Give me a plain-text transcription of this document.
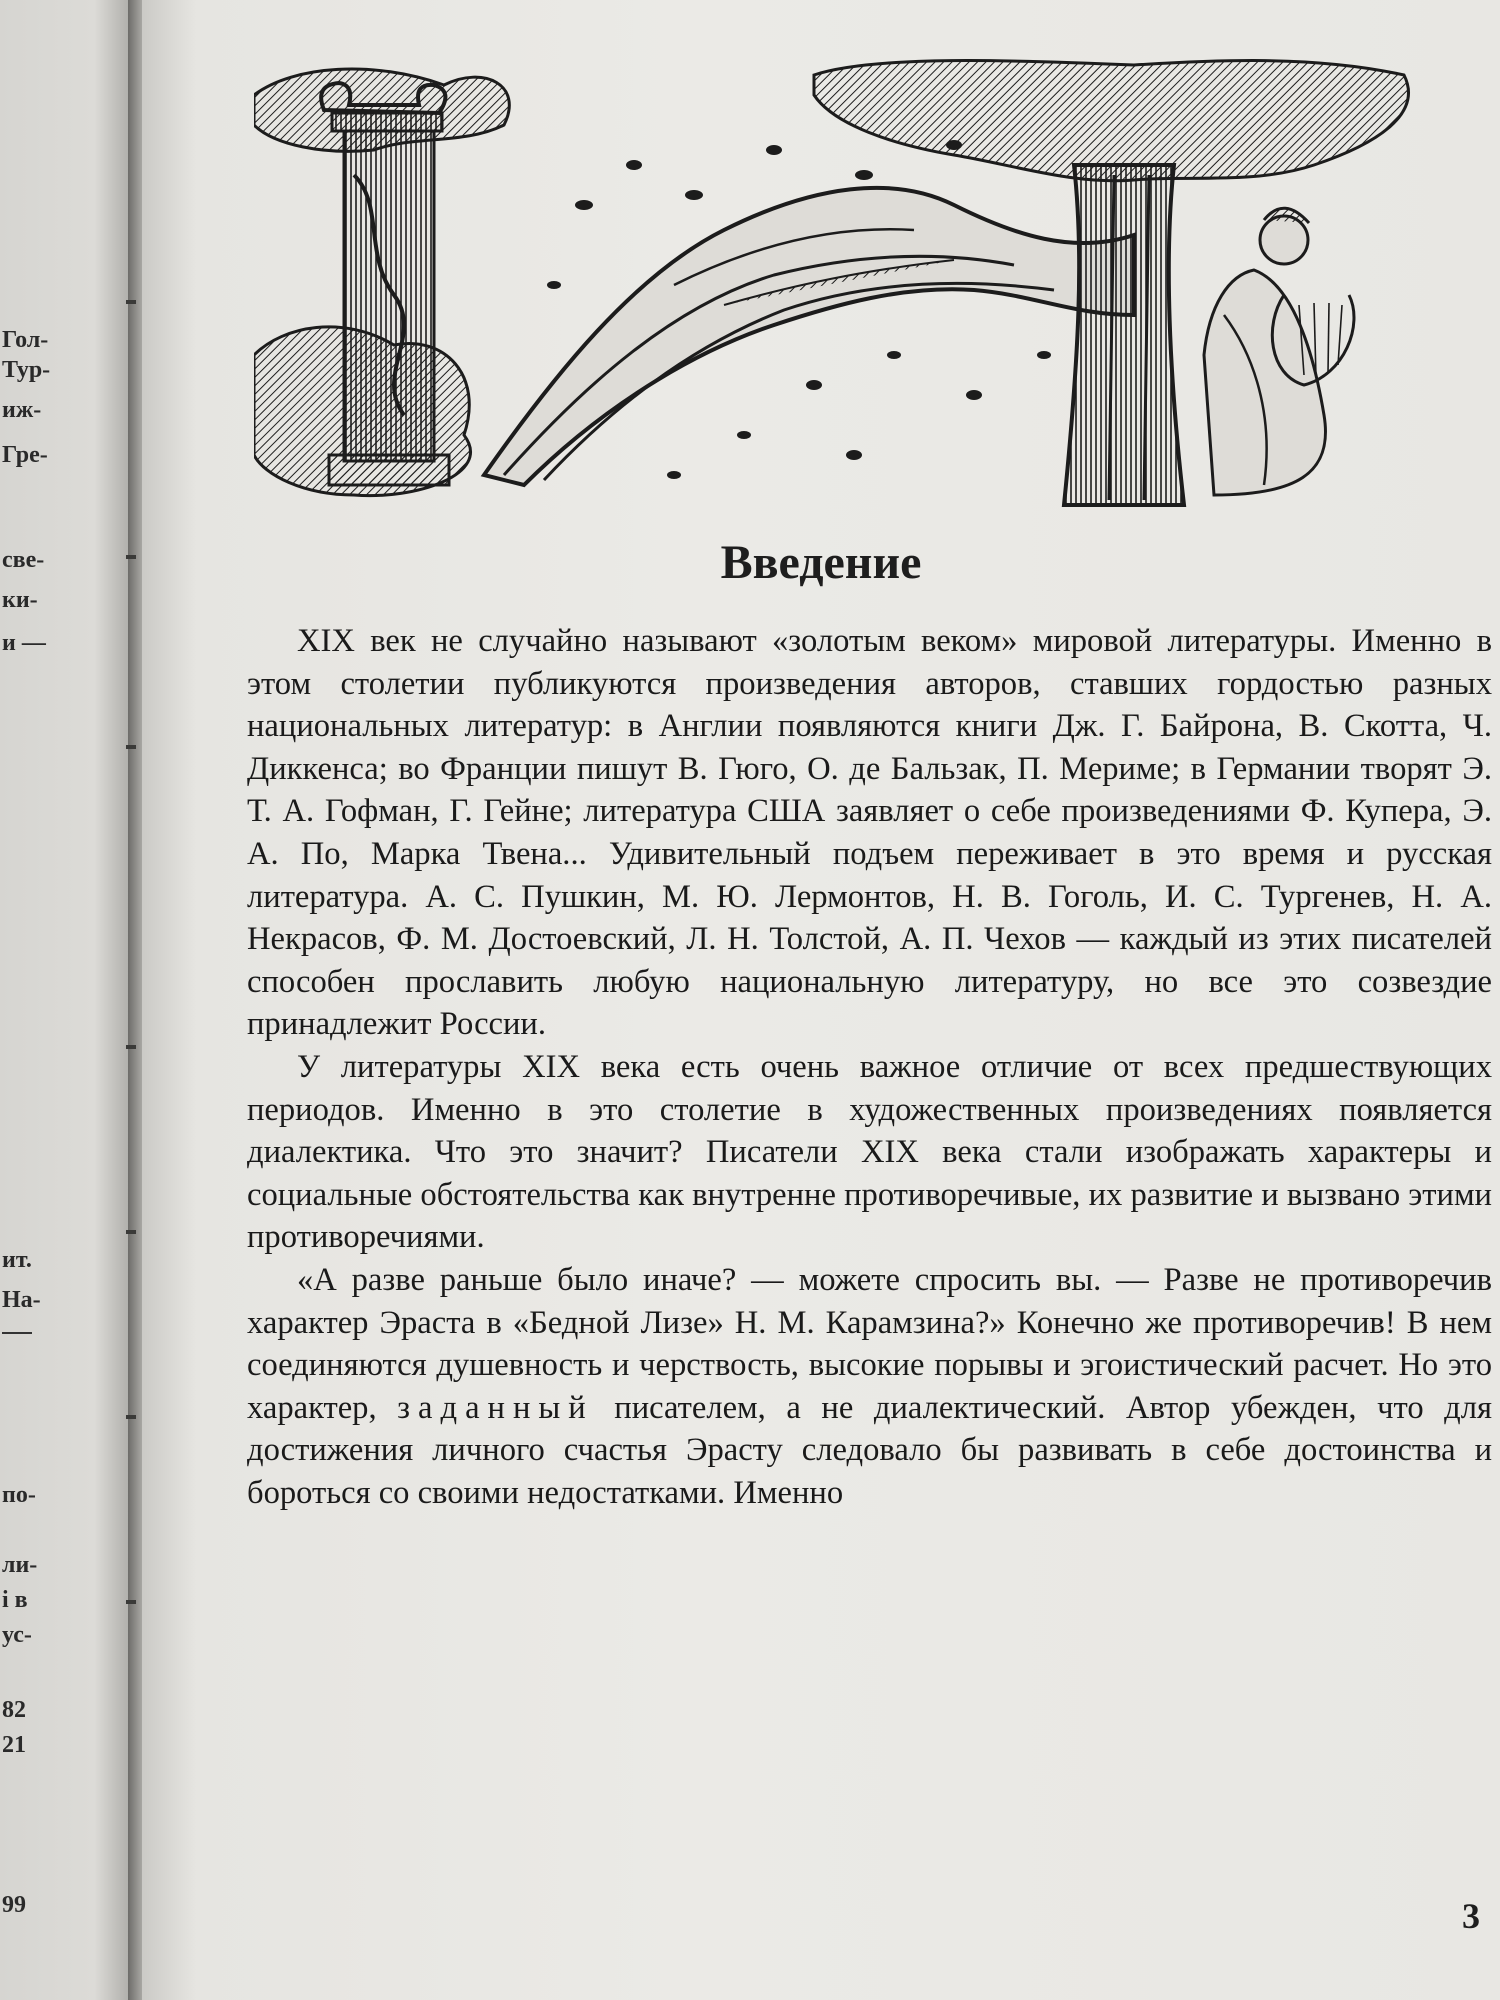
Гол-

Тур-

иж-

Гре-

све-

ки-

и —

ит.

На-

по-

ли-

і в

ус-

82

21

99

Введение

XIX век не случайно называют «золотым веком» мировой литературы. Именно в этом столетии публикуются произведения авторов, ставших гордостью разных национальных литератур: в Англии появляются книги Дж. Г. Байрона, В. Скотта, Ч. Диккенса; во Франции пишут В. Гюго, О. де Бальзак, П. Мериме; в Германии творят Э. Т. А. Гофман, Г. Гейне; литература США заявляет о себе произведениями Ф. Купера, Э. А. По, Марка Твена... Удивительный подъем переживает в это время и русская литература. А. С. Пушкин, М. Ю. Лермонтов, Н. В. Гоголь, И. С. Тургенев, Н. А. Некрасов, Ф. М. Достоевский, Л. Н. Толстой, А. П. Чехов — каждый из этих писателей способен прославить любую национальную литературу, но все это созвездие принадлежит России.

У литературы XIX века есть очень важное отличие от всех предшествующих периодов. Именно в это столетие в художественных произведениях появляется диалектика. Что это значит? Писатели XIX века стали изображать характеры и социальные обстоятельства как внутренне противоречивые, их развитие и вызвано этими противоречиями.

«А разве раньше было иначе? — можете спросить вы. — Разве не противоречив характер Эраста в «Бедной Лизе» Н. М. Карамзина?» Конечно же противоречив! В нем соединяются душевность и черствость, высокие порывы и эгоистический расчет. Но это характер, заданный писателем, а не диалектический. Автор убежден, что для достижения личного счастья Эрасту следовало бы развивать в себе достоинства и бороться со своими недостатками. Именно

3
